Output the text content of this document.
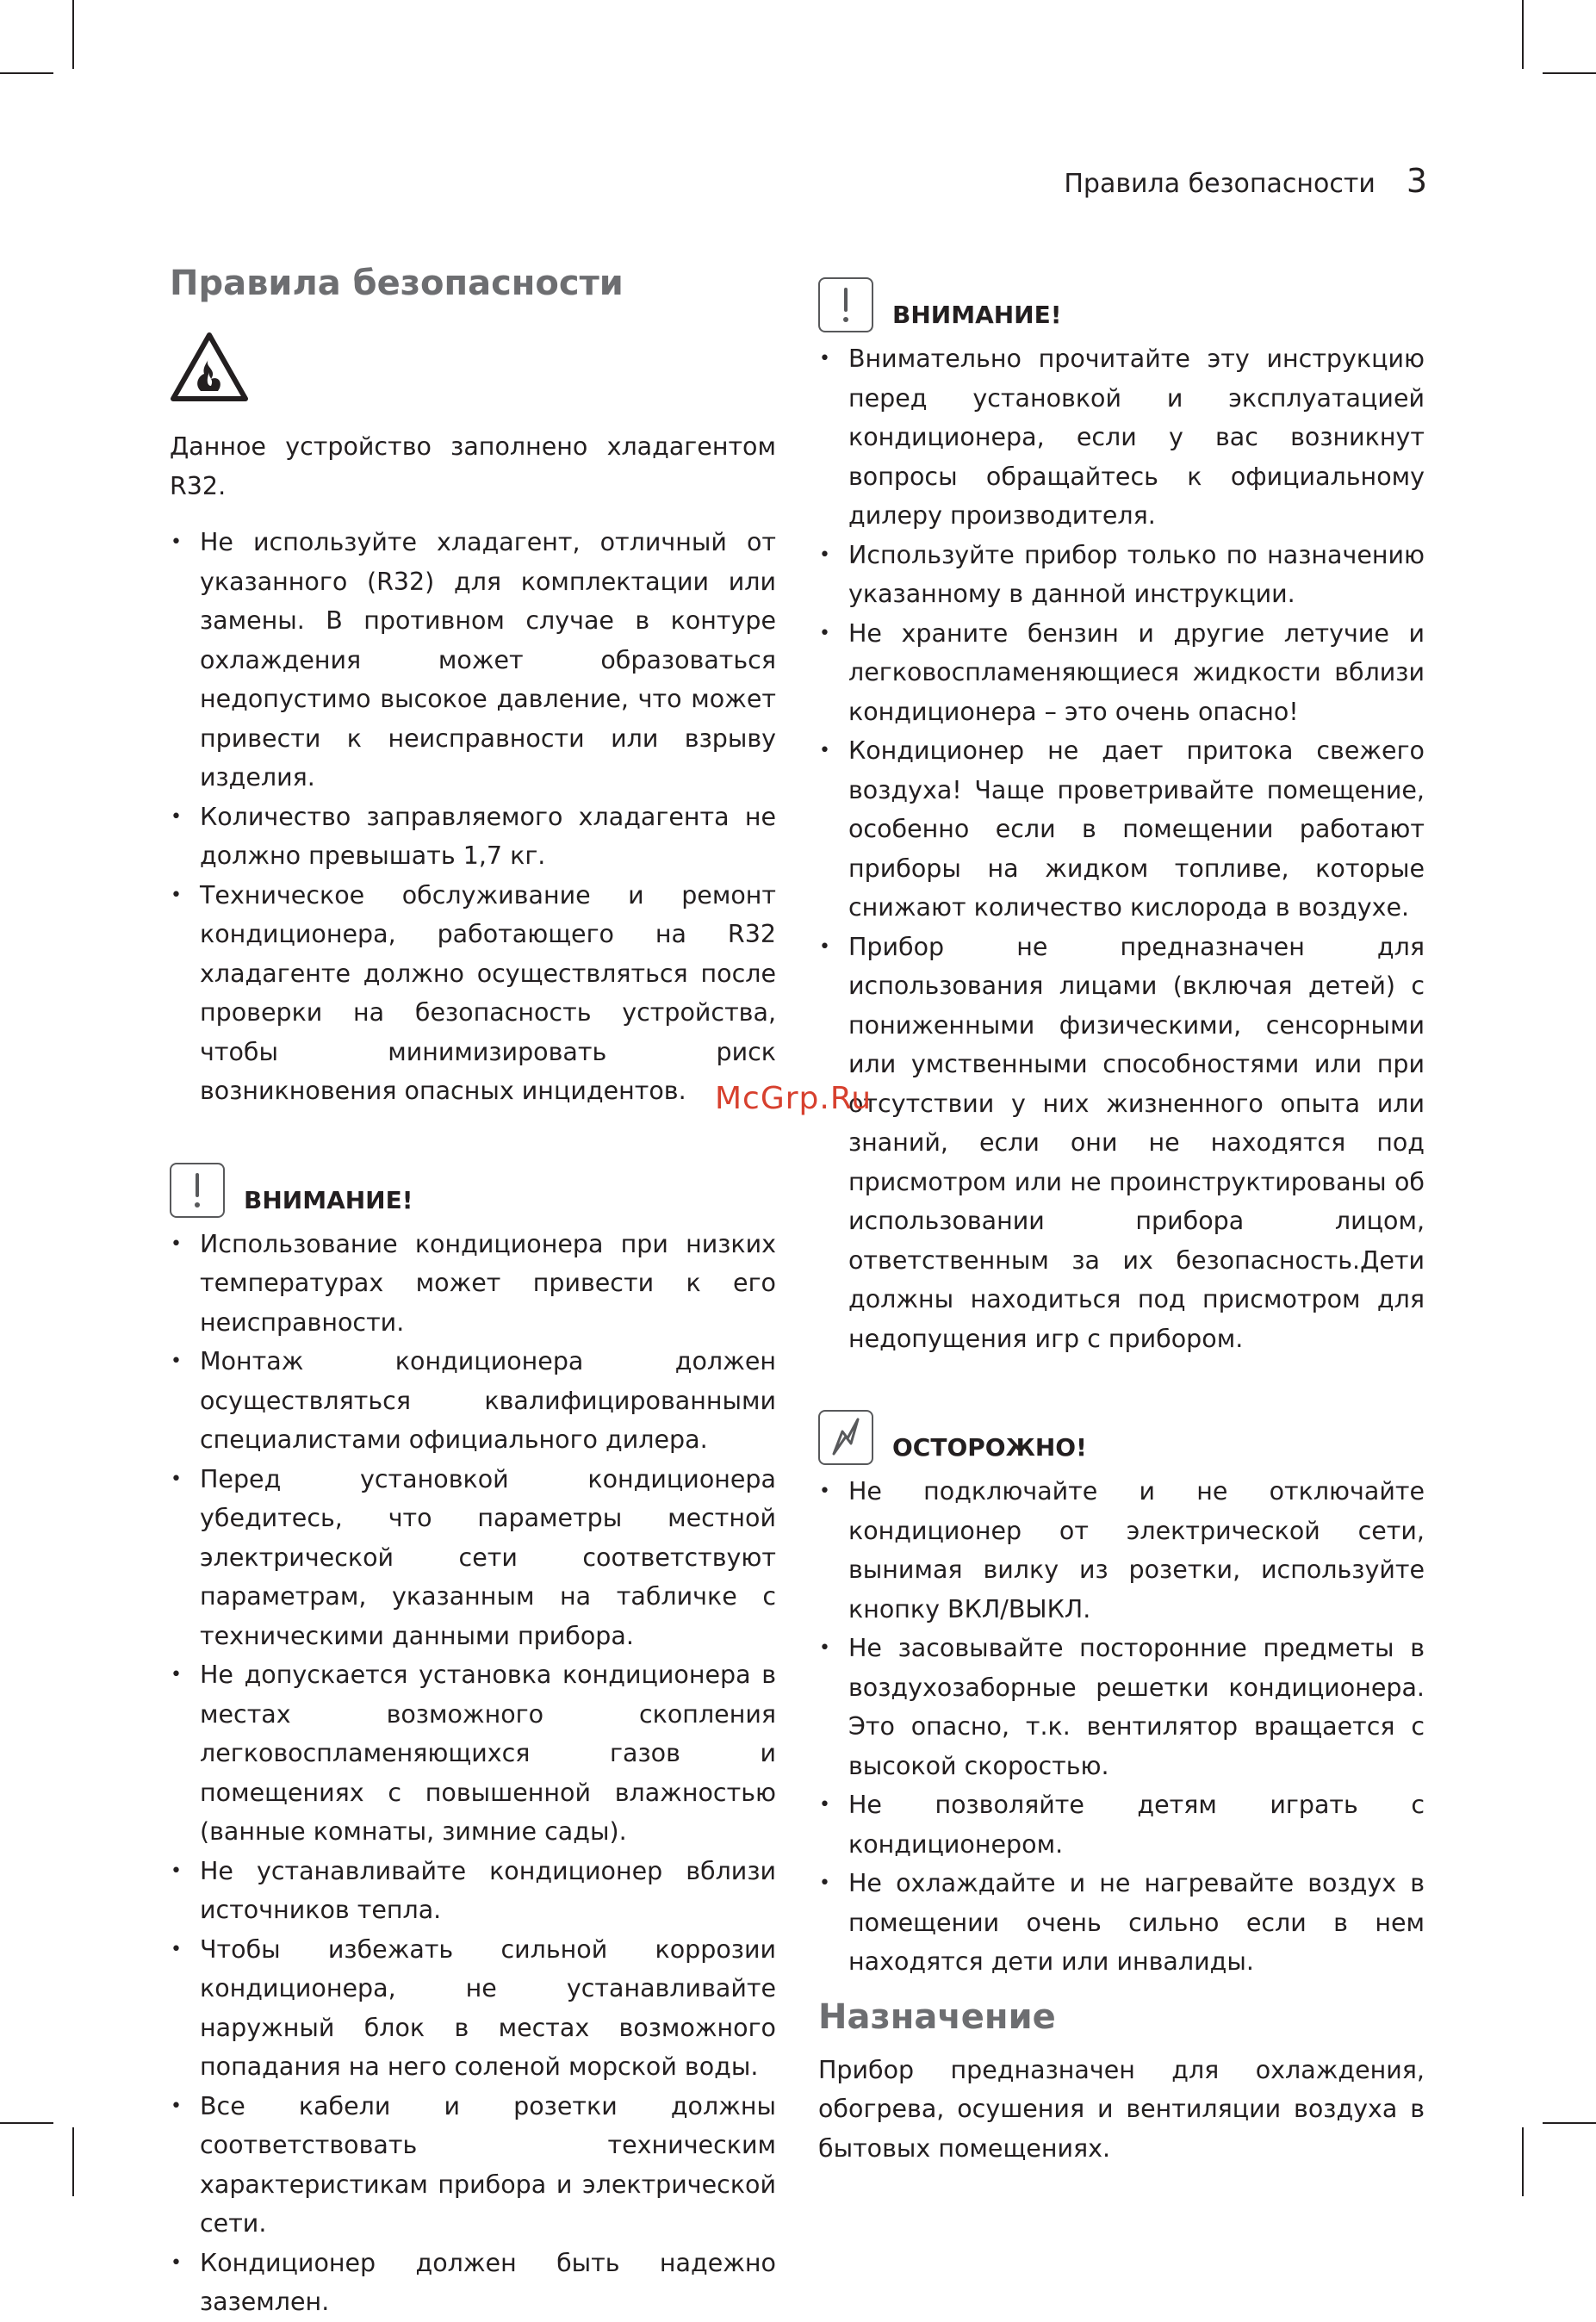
Правила безопасности 3
Правила безопасности

Данное устройство заполнено хладагентом R32.

• Не используйте хладагент, отличный от указанного (R32) для комплектации или замены. В противном случае в контуре охлаждения может образоваться недопустимо высокое давление, что может привести к неисправности или взрыву изделия.
• Количество заправляемого хладагента не должно превышать 1,7 кг.
• Техническое обслуживание и ремонт кондиционера, работающего на R32 хладагенте должно осуществляться после проверки на безопасность устройства, чтобы минимизировать риск возникновения опасных инцидентов.
ВНИМАНИЕ!
• Использование кондиционера при низких температурах может привести к его неисправности.
• Монтаж кондиционера должен осуществляться квалифицированными специалистами официального дилера.
• Перед установкой кондиционера убедитесь, что параметры местной электрической сети соответствуют параметрам, указанным на табличке с техническими данными прибора.
• Не допускается установка кондиционера в местах возможного скопления легковоспламеняющихся газов и помещениях с повышенной влажностью (ванные комнаты, зимние сады).
• Не устанавливайте кондиционер вблизи источников тепла.
• Чтобы избежать сильной коррозии кондиционера, не устанавливайте наружный блок в местах возможного попадания на него соленой морской воды.
• Все кабели и розетки должны соответствовать техническим характеристикам прибора и электрической сети.
• Кондиционер должен быть надежно заземлен.
ВНИМАНИЕ!
• Внимательно прочитайте эту инструкцию перед установкой и эксплуатацией кондиционера, если у вас возникнут вопросы обращайтесь к официальному дилеру производителя.
• Используйте прибор только по назначению указанному в данной инструкции.
• Не храните бензин и другие летучие и легковоспламеняющиеся жидкости вблизи кондиционера – это очень опасно!
• Кондиционер не дает притока свежего воздуха! Чаще проветривайте помещение, особенно если в помещении работают приборы на жидком топливе, которые снижают количество кислорода в воздухе.
• Прибор не предназначен для использования лицами (включая детей) с пониженными физическими, сенсорными или умственными способностями или при отсутствии у них жизненного опыта или знаний, если они не находятся под присмотром или не проинструктированы об использовании прибора лицом, ответственным за их безопасность.Дети должны находиться под присмотром для недопущения игр с прибором.
ОСТОРОЖНО!
• Не подключайте и не отключайте кондиционер от электрической сети, вынимая вилку из розетки, используйте кнопку ВКЛ/ВЫКЛ.
• Не засовывайте посторонние предметы в воздухозаборные решетки кондиционера. Это опасно, т.к. вентилятор вращается с высокой скоростью.
• Не позволяйте детям играть с кондиционером.
• Не охлаждайте и не нагревайте воздух в помещении очень сильно если в нем находятся дети или инвалиды.
Назначение

Прибор предназначен для охлаждения, обогрева, осушения и вентиляции воздуха в бытовых помещениях.

McGrp.Ru
